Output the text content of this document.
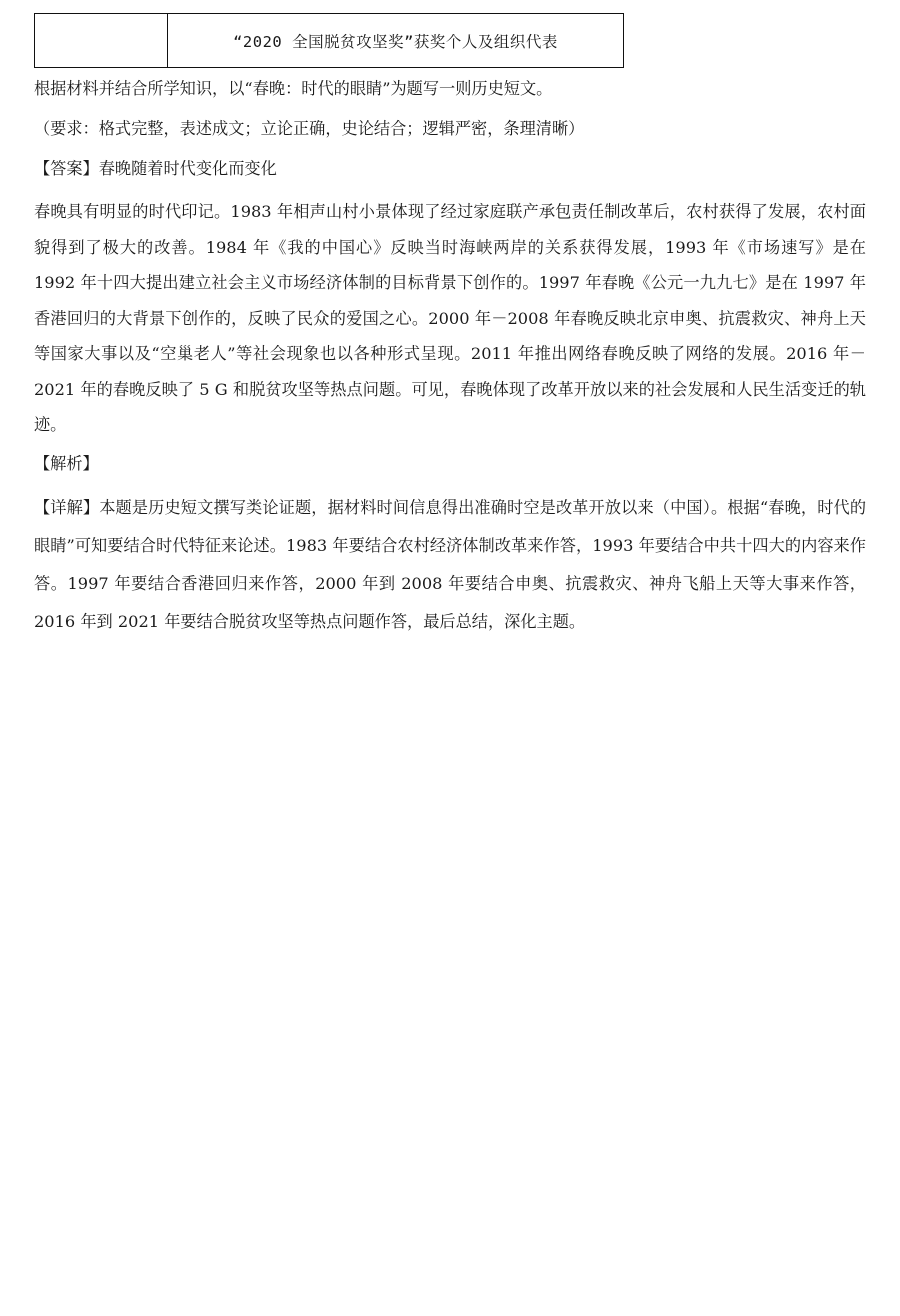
“2020 全国脱贫攻坚奖”获奖个人及组织代表

根据材料并结合所学知识，以“春晚：时代的眼睛”为题写一则历史短文。

（要求：格式完整，表述成文；立论正确，史论结合；逻辑严密，条理清晰）

【答案】春晚随着时代变化而变化

春晚具有明显的时代印记。1983 年相声山村小景体现了经过家庭联产承包责任制改革后，农村获得了发展，农村面貌得到了极大的改善。1984 年《我的中国心》反映当时海峡两岸的关系获得发展，1993 年《市场速写》是在 1992 年十四大提出建立社会主义市场经济体制的目标背景下创作的。1997 年春晚《公元一九九七》是在 1997 年香港回归的大背景下创作的，反映了民众的爱国之心。2000 年－2008 年春晚反映北京申奥、抗震救灾、神舟上天等国家大事以及“空巢老人”等社会现象也以各种形式呈现。2011 年推出网络春晚反映了网络的发展。2016 年－2021 年的春晚反映了 5 G 和脱贫攻坚等热点问题。可见，春晚体现了改革开放以来的社会发展和人民生活变迁的轨迹。

【解析】

【详解】本题是历史短文撰写类论证题，据材料时间信息得出准确时空是改革开放以来（中国）。根据“春晚，时代的眼睛”可知要结合时代特征来论述。1983 年要结合农村经济体制改革来作答，1993 年要结合中共十四大的内容来作答。1997 年要结合香港回归来作答，2000 年到 2008 年要结合申奥、抗震救灾、神舟飞船上天等大事来作答，2016 年到 2021 年要结合脱贫攻坚等热点问题作答，最后总结，深化主题。
